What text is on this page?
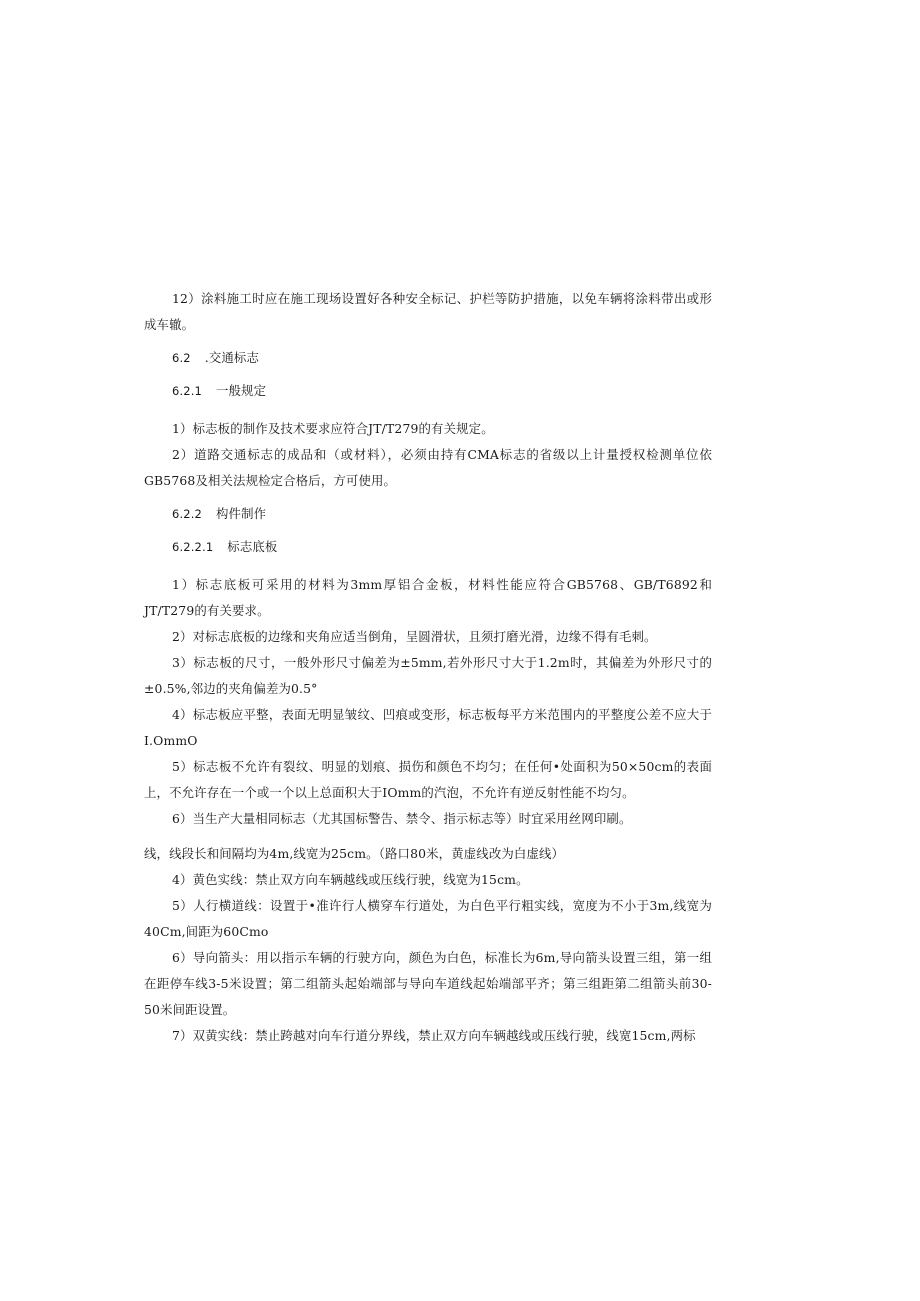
12）涂料施工时应在施工现场设置好各种安全标记、护栏等防护措施，以免车辆将涂料带出或形成车辙。

6.2 .交通标志

6.2.1 一般规定

1）标志板的制作及技术要求应符合JT/T279的有关规定。

2）道路交通标志的成品和（或材料），必须由持有CMA标志的省级以上计量授权检测单位依GB5768及相关法规检定合格后，方可使用。

6.2.2 构件制作

6.2.2.1 标志底板

1）标志底板可采用的材料为3mm厚铝合金板，材料性能应符合GB5768、GB/T6892和JT/T279的有关要求。

2）对标志底板的边缘和夹角应适当倒角，呈圆滑状，且须打磨光滑，边缘不得有毛刺。

3）标志板的尺寸，一般外形尺寸偏差为±5mm,若外形尺寸大于1.2m时，其偏差为外形尺寸的±0.5%,邻边的夹角偏差为0.5°

4）标志板应平整，表面无明显皱纹、凹痕或变形，标志板每平方米范围内的平整度公差不应大于I.OmmO

5）标志板不允许有裂纹、明显的划痕、损伤和颜色不均匀；在任何•处面积为50×50cm的表面上，不允许存在一个或一个以上总面积大于IOmm的汽泡，不允许有逆反射性能不均匀。

6）当生产大量相同标志（尤其国标警告、禁令、指示标志等）时宜采用丝网印刷。

线，线段长和间隔均为4m,线宽为25cm。（路口80米，黄虚线改为白虚线）

4）黄色实线：禁止双方向车辆越线或压线行驶，线宽为15cm。

5）人行横道线：设置于•准许行人横穿车行道处，为白色平行粗实线，宽度为不小于3m,线宽为40Cm,间距为60Cmo

6）导向箭头：用以指示车辆的行驶方向，颜色为白色，标准长为6m,导向箭头设置三组，第一组在距停车线3-5米设置；第二组箭头起始端部与导向车道线起始端部平齐；第三组距第二组箭头前30-50米间距设置。

7）双黄实线：禁止跨越对向车行道分界线，禁止双方向车辆越线或压线行驶，线宽15cm,两标
